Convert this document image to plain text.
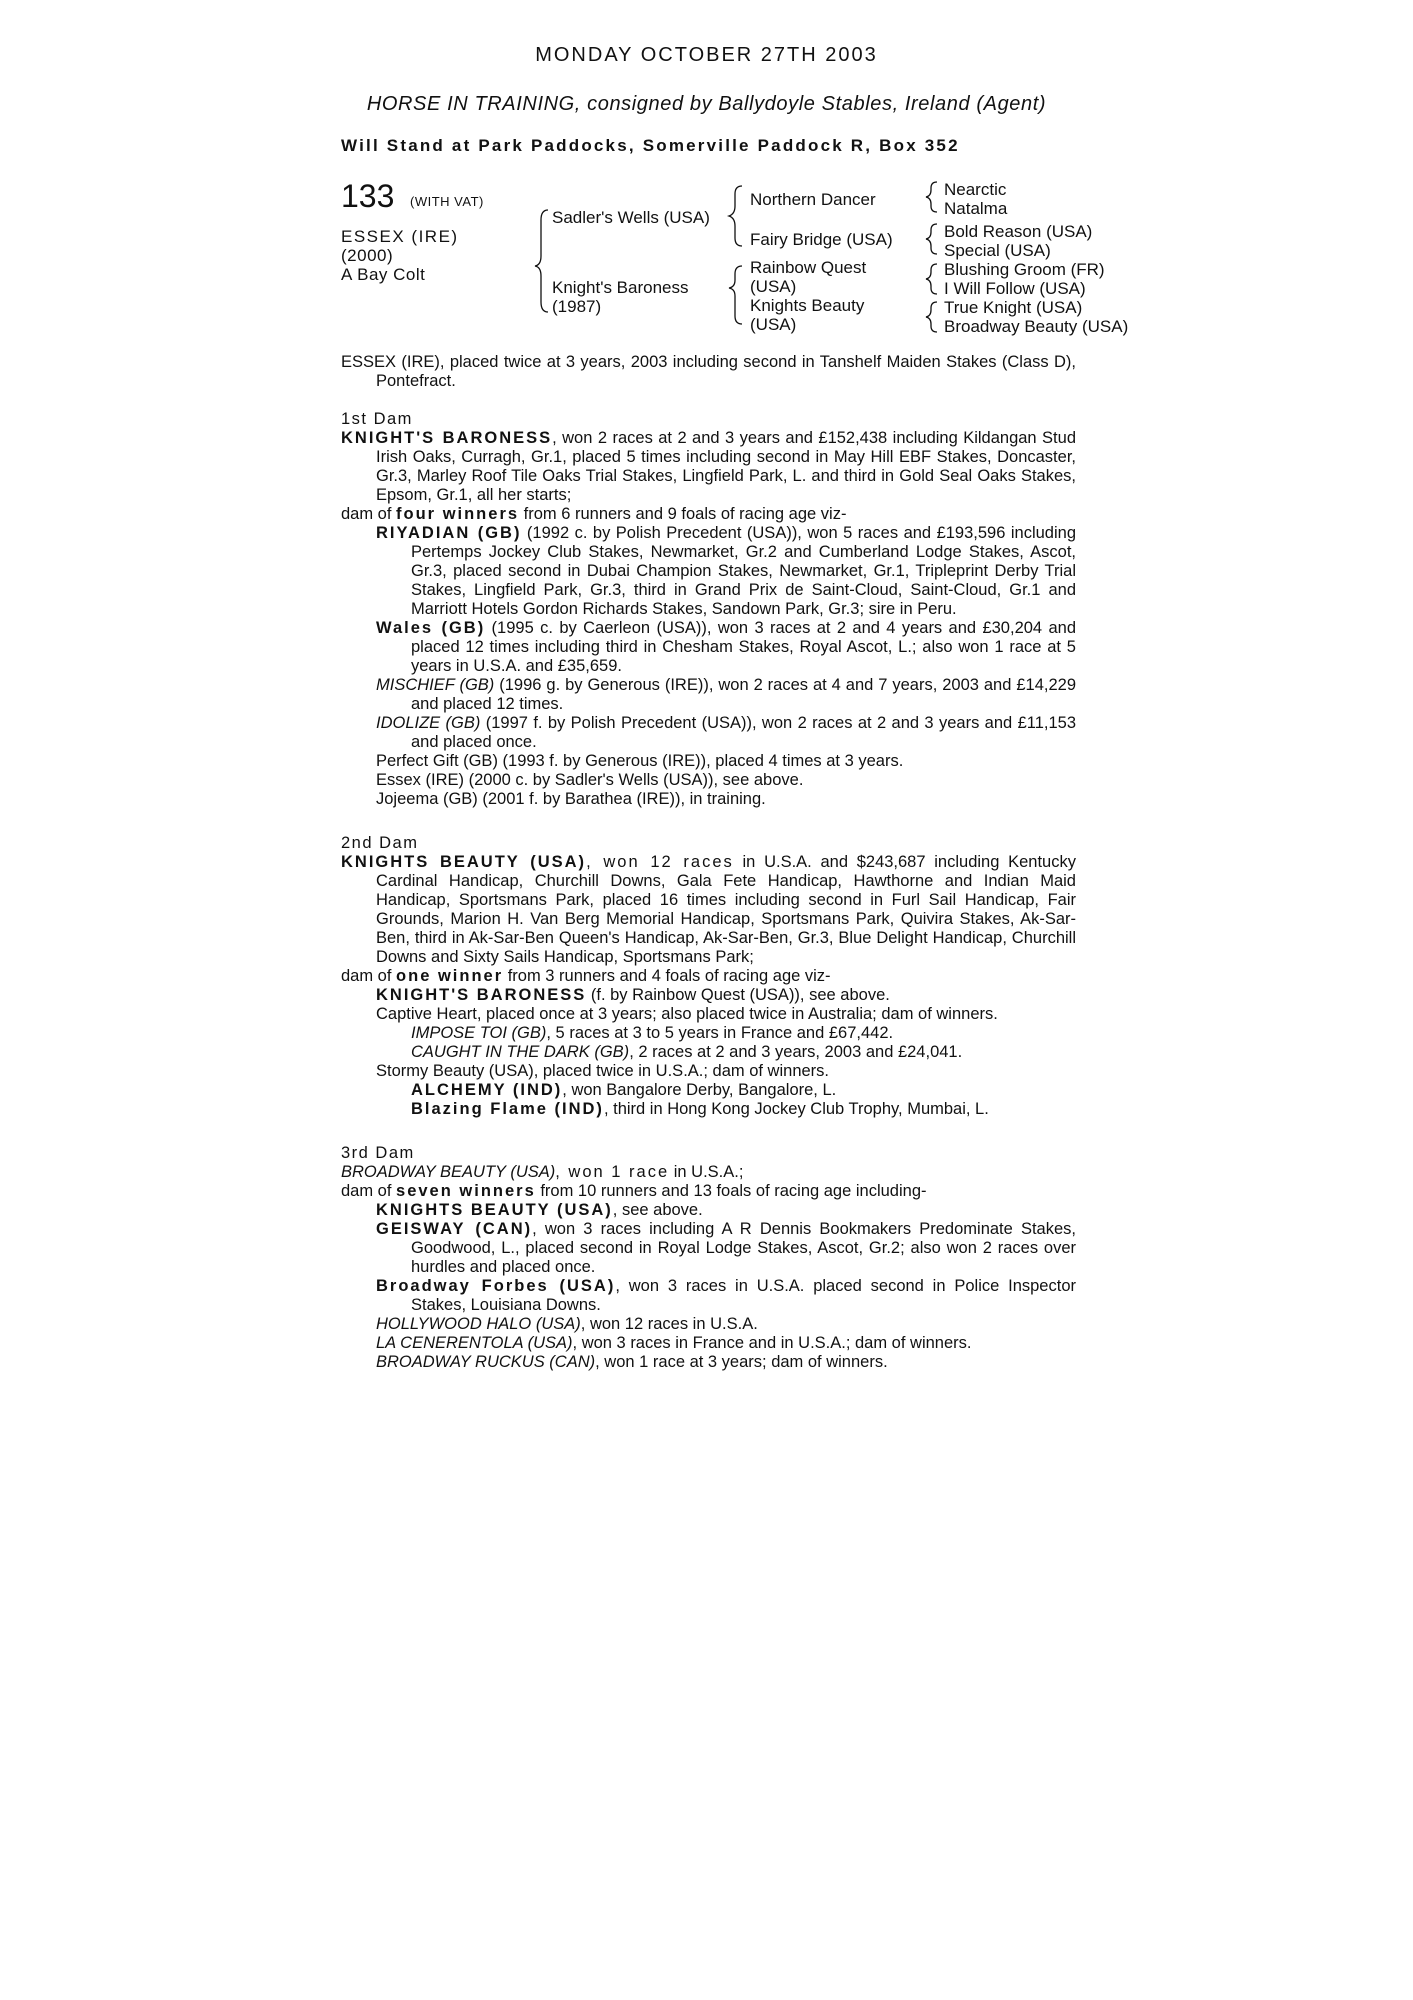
MONDAY OCTOBER 27TH 2003
HORSE IN TRAINING, consigned by Ballydoyle Stables, Ireland (Agent)
Will Stand at Park Paddocks, Somerville Paddock R, Box 352
133 (WITH VAT)
ESSEX (IRE)
(2000)
A Bay Colt
Sadler's Wells (USA)
Knight's Baroness
(1987)
Northern Dancer
Fairy Bridge (USA)
Rainbow Quest
(USA)
Knights Beauty
(USA)
Nearctic
Natalma
Bold Reason (USA)
Special (USA)
Blushing Groom (FR)
I Will Follow (USA)
True Knight (USA)
Broadway Beauty (USA)
ESSEX (IRE), placed twice at 3 years, 2003 including second in Tanshelf Maiden Stakes (Class D), Pontefract.
1st Dam
KNIGHT'S BARONESS, won 2 races at 2 and 3 years and £152,438 including Kildangan Stud Irish Oaks, Curragh, Gr.1, placed 5 times including second in May Hill EBF Stakes, Doncaster, Gr.3, Marley Roof Tile Oaks Trial Stakes, Lingfield Park, L. and third in Gold Seal Oaks Stakes, Epsom, Gr.1, all her starts;
dam of four winners from 6 runners and 9 foals of racing age viz-
RIYADIAN (GB) (1992 c. by Polish Precedent (USA)), won 5 races and £193,596 including Pertemps Jockey Club Stakes, Newmarket, Gr.2 and Cumberland Lodge Stakes, Ascot, Gr.3, placed second in Dubai Champion Stakes, Newmarket, Gr.1, Tripleprint Derby Trial Stakes, Lingfield Park, Gr.3, third in Grand Prix de Saint-Cloud, Saint-Cloud, Gr.1 and Marriott Hotels Gordon Richards Stakes, Sandown Park, Gr.3; sire in Peru.
Wales (GB) (1995 c. by Caerleon (USA)), won 3 races at 2 and 4 years and £30,204 and placed 12 times including third in Chesham Stakes, Royal Ascot, L.; also won 1 race at 5 years in U.S.A. and £35,659.
MISCHIEF (GB) (1996 g. by Generous (IRE)), won 2 races at 4 and 7 years, 2003 and £14,229 and placed 12 times.
IDOLIZE (GB) (1997 f. by Polish Precedent (USA)), won 2 races at 2 and 3 years and £11,153 and placed once.
Perfect Gift (GB) (1993 f. by Generous (IRE)), placed 4 times at 3 years.
Essex (IRE) (2000 c. by Sadler's Wells (USA)), see above.
Jojeema (GB) (2001 f. by Barathea (IRE)), in training.
2nd Dam
KNIGHTS BEAUTY (USA), won 12 races in U.S.A. and $243,687 including Kentucky Cardinal Handicap, Churchill Downs, Gala Fete Handicap, Hawthorne and Indian Maid Handicap, Sportsmans Park, placed 16 times including second in Furl Sail Handicap, Fair Grounds, Marion H. Van Berg Memorial Handicap, Sportsmans Park, Quivira Stakes, Ak-Sar-Ben, third in Ak-Sar-Ben Queen's Handicap, Ak-Sar-Ben, Gr.3, Blue Delight Handicap, Churchill Downs and Sixty Sails Handicap, Sportsmans Park;
dam of one winner from 3 runners and 4 foals of racing age viz-
KNIGHT'S BARONESS (f. by Rainbow Quest (USA)), see above.
Captive Heart, placed once at 3 years; also placed twice in Australia; dam of winners.
IMPOSE TOI (GB), 5 races at 3 to 5 years in France and £67,442.
CAUGHT IN THE DARK (GB), 2 races at 2 and 3 years, 2003 and £24,041.
Stormy Beauty (USA), placed twice in U.S.A.; dam of winners.
ALCHEMY (IND), won Bangalore Derby, Bangalore, L.
Blazing Flame (IND), third in Hong Kong Jockey Club Trophy, Mumbai, L.
3rd Dam
BROADWAY BEAUTY (USA), won 1 race in U.S.A.;
dam of seven winners from 10 runners and 13 foals of racing age including-
KNIGHTS BEAUTY (USA), see above.
GEISWAY (CAN), won 3 races including A R Dennis Bookmakers Predominate Stakes, Goodwood, L., placed second in Royal Lodge Stakes, Ascot, Gr.2; also won 2 races over hurdles and placed once.
Broadway Forbes (USA), won 3 races in U.S.A. placed second in Police Inspector Stakes, Louisiana Downs.
HOLLYWOOD HALO (USA), won 12 races in U.S.A.
LA CENERENTOLA (USA), won 3 races in France and in U.S.A.; dam of winners.
BROADWAY RUCKUS (CAN), won 1 race at 3 years; dam of winners.
